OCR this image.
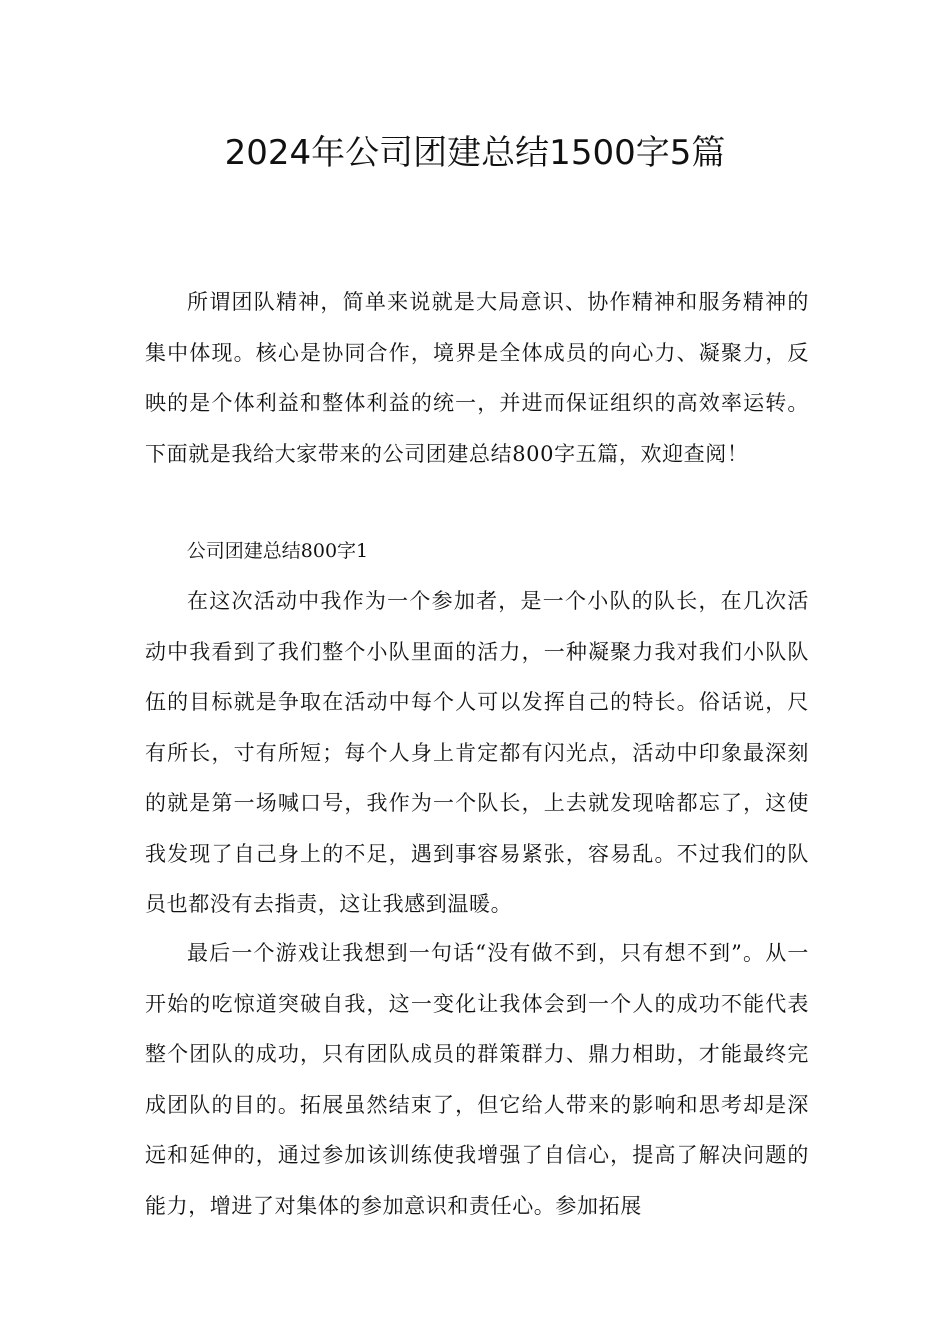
2024年公司团建总结1500字5篇

所谓团队精神，简单来说就是大局意识、协作精神和服务精神的集中体现。核心是协同合作，境界是全体成员的向心力、凝聚力，反映的是个体利益和整体利益的统一，并进而保证组织的高效率运转。下面就是我给大家带来的公司团建总结800字五篇，欢迎查阅！

公司团建总结800字1

在这次活动中我作为一个参加者，是一个小队的队长，在几次活动中我看到了我们整个小队里面的活力，一种凝聚力我对我们小队队伍的目标就是争取在活动中每个人可以发挥自己的特长。俗话说，尺有所长，寸有所短；每个人身上肯定都有闪光点，活动中印象最深刻的就是第一场喊口号，我作为一个队长，上去就发现啥都忘了，这使我发现了自己身上的不足，遇到事容易紧张，容易乱。不过我们的队员也都没有去指责，这让我感到温暖。

最后一个游戏让我想到一句话“没有做不到，只有想不到”。从一开始的吃惊道突破自我，这一变化让我体会到一个人的成功不能代表整个团队的成功，只有团队成员的群策群力、鼎力相助，才能最终完成团队的目的。拓展虽然结束了，但它给人带来的影响和思考却是深远和延伸的，通过参加该训练使我增强了自信心，提高了解决问题的能力，增进了对集体的参加意识和责任心。参加拓展
